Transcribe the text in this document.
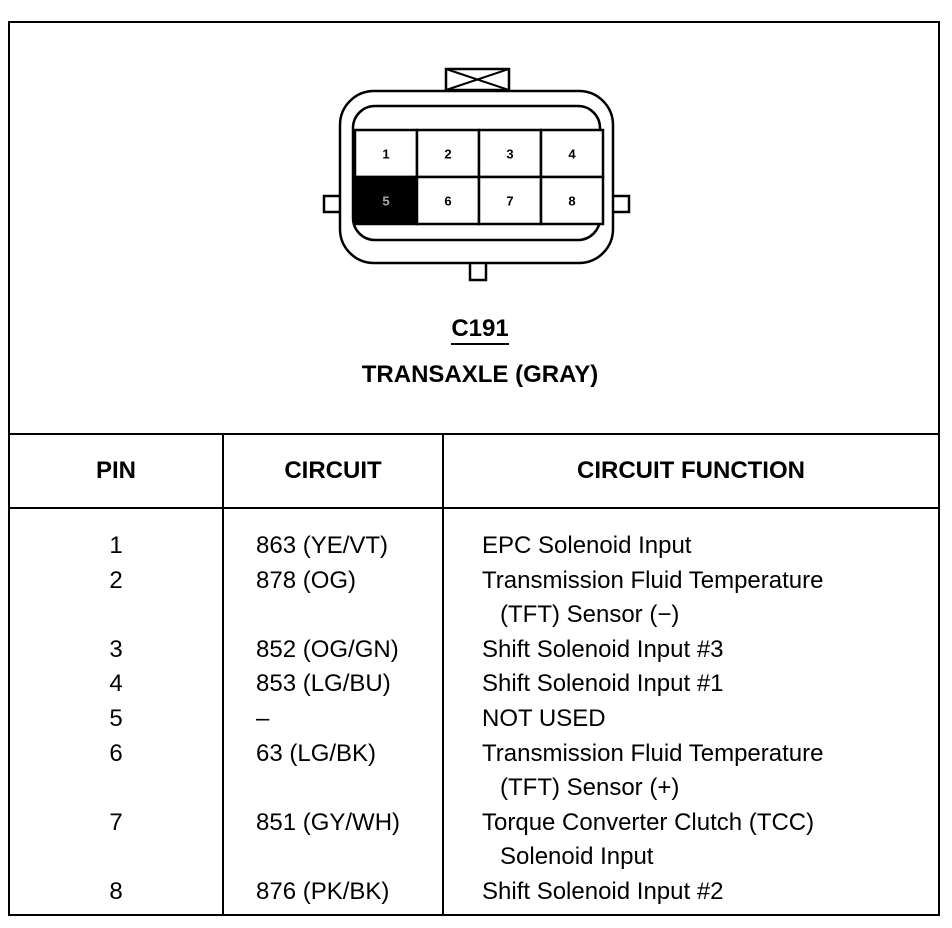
1	2	3	4
5	6	7	8
C191
TRANSAXLE (GRAY)
PIN	CIRCUIT	CIRCUIT FUNCTION
1	863 (YE/VT)	EPC Solenoid Input
2	878 (OG)	Transmission Fluid Temperature
(TFT) Sensor (−)
3	852 (OG/GN)	Shift Solenoid Input #3
4	853 (LG/BU)	Shift Solenoid Input #1
5	–	NOT USED
6	63 (LG/BK)	Transmission Fluid Temperature
(TFT) Sensor (+)
7	851 (GY/WH)	Torque Converter Clutch (TCC)
Solenoid Input
8	876 (PK/BK)	Shift Solenoid Input #2
